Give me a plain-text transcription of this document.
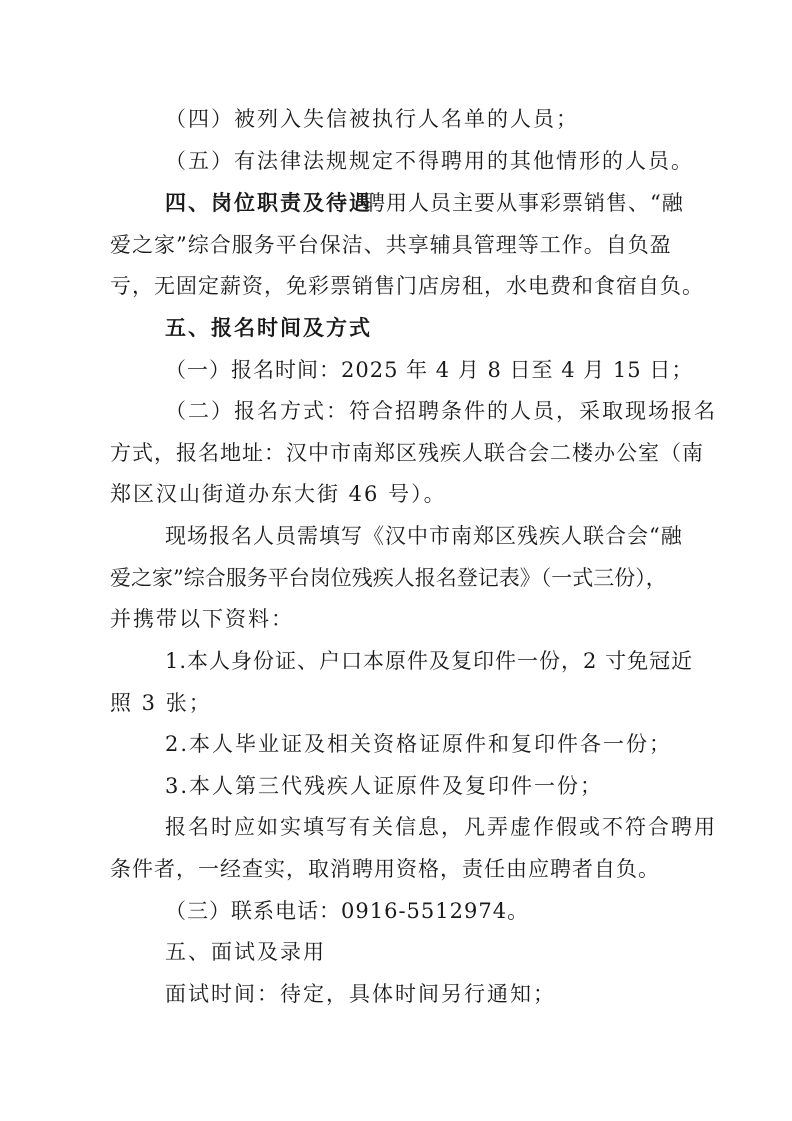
（四）被列入失信被执行人名单的人员；
（五）有法律法规规定不得聘用的其他情形的人员。
四、岗位职责及待遇
聘用人员主要从事彩票销售、“融
爱之家”综合服务平台保洁、共享辅具管理等工作。自负盈
亏，无固定薪资，免彩票销售门店房租，水电费和食宿自负。
五、报名时间及方式
（一）报名时间：2025 年 4 月 8 日至 4 月 15 日；
（二）报名方式：符合招聘条件的人员，采取现场报名
方式，报名地址：汉中市南郑区残疾人联合会二楼办公室（南
郑区汉山街道办东大街 46 号）。
现场报名人员需填写《汉中市南郑区残疾人联合会“融
爱之家”综合服务平台岗位残疾人报名登记表》（一式三份），
并携带以下资料：
1.本人身份证、户口本原件及复印件一份，2 寸免冠近
照 3 张；
2.本人毕业证及相关资格证原件和复印件各一份；
3.本人第三代残疾人证原件及复印件一份；
报名时应如实填写有关信息，凡弄虚作假或不符合聘用
条件者，一经查实，取消聘用资格，责任由应聘者自负。
（三）联系电话：0916-5512974。
五、面试及录用
面试时间：待定，具体时间另行通知；
